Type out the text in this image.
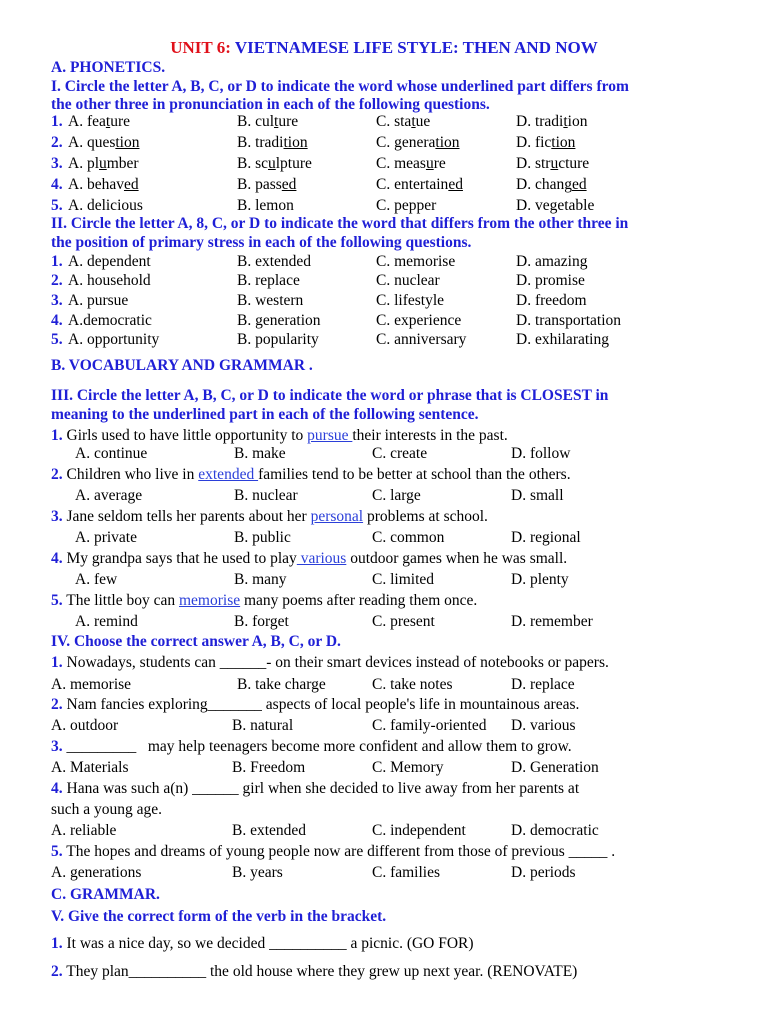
UNIT 6: VIETNAMESE LIFE STYLE: THEN AND NOW
A. PHONETICS.
I. Circle the letter A, B, C, or D to indicate the word whose underlined part differs from
the other three in pronunciation in each of the following questions.
1. A. feature	B. culture	C. statue	D. tradition
2. A. question	B. tradition	C. generation	D. fiction
3. A. plumber	B. sculpture	C. measure	D. structure
4. A. behaved	B. passed	C. entertained	D. changed
5. A. delicious	B. lemon	C. pepper	D. vegetable
II. Circle the letter A, 8, C, or D to indicate the word that differs from the other three in
the position of primary stress in each of the following questions.
1. A. dependent	B. extended	C. memorise	D. amazing
2. A. household	B. replace	C. nuclear	D. promise
3. A. pursue	B. western	C. lifestyle	D. freedom
4. A.democratic	B. generation	C. experience	D. transportation
5. A. opportunity	B. popularity	C. anniversary	D. exhilarating
B. VOCABULARY AND GRAMMAR .
III. Circle the letter A, B, C, or D to indicate the word or phrase that is CLOSEST in
meaning to the underlined part in each of the following sentence.
1. Girls used to have little opportunity to pursue their interests in the past.
A. continue	B. make	C. create	D. follow
2. Children who live in extended families tend to be better at school than the others.
A. average	B. nuclear	C. large	D. small
3. Jane seldom tells her parents about her personal problems at school.
A. private	B. public	C. common	D. regional
4. My grandpa says that he used to play various outdoor games when he was small.
A. few	B. many	C. limited	D. plenty
5. The little boy can memorise many poems after reading them once.
A. remind	B. forget	C. present	D. remember
IV. Choose the correct answer A, B, C, or D.
1. Nowadays, students can ______- on their smart devices instead of notebooks or papers.
A. memorise	B. take charge	C. take notes	D. replace
2. Nam fancies exploring_______ aspects of local people's life in mountainous areas.
A. outdoor	B. natural	C. family-oriented D. various
3. _________   may help teenagers become more confident and allow them to grow.
A. Materials	B. Freedom	C. Memory	D. Generation
4. Hana was such a(n) ______ girl when she decided to live away from her parents at
such a young age.
A. reliable	B. extended	C. independent	D. democratic
5. The hopes and dreams of young people now are different from those of previous _____ .
A. generations	B. years	C. families	D. periods
C. GRAMMAR.
V. Give the correct form of the verb in the bracket.
1. It was a nice day, so we decided __________ a picnic. (GO FOR)
2. They plan__________ the old house where they grew up next year. (RENOVATE)
